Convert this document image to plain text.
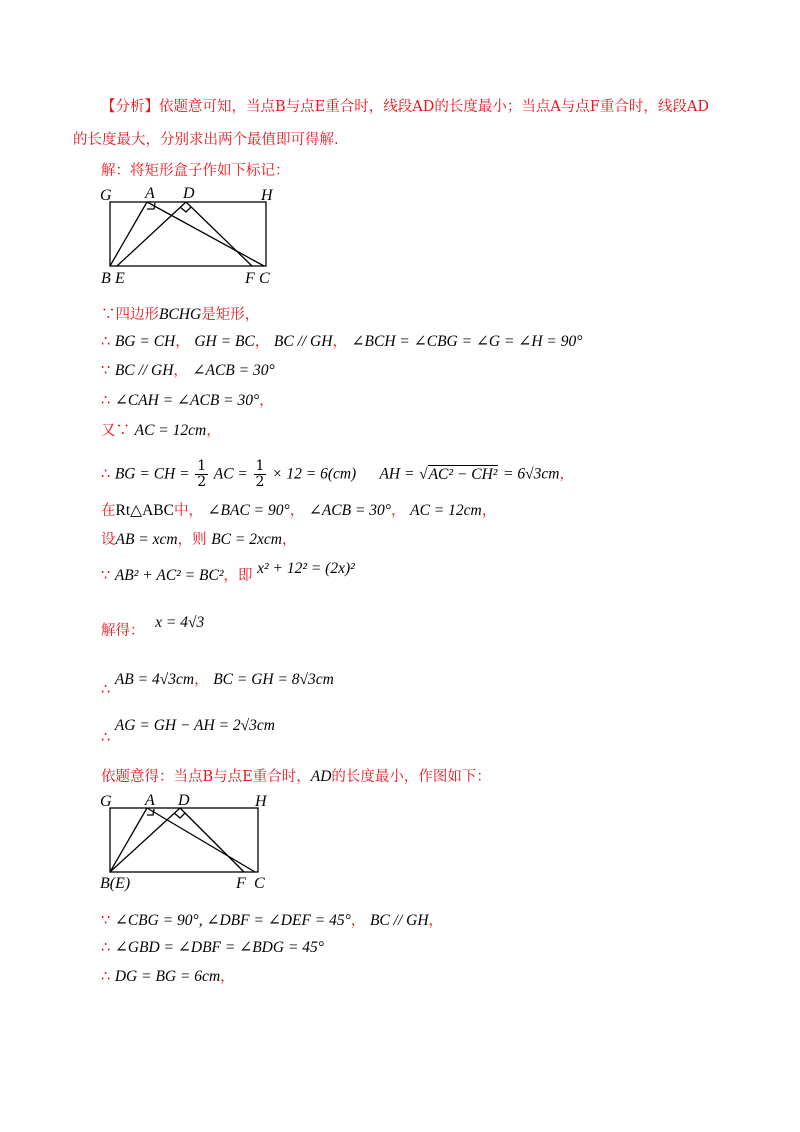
【分析】依题意可知，当点B与点E重合时，线段AD的长度最小；当点A与点F重合时，线段AD
的长度最大，分别求出两个最值即可得解.
解：将矩形盒子作如下标记：
G A D	H
B E	F C
∵四边形BCHG是矩形，
∴ BG = CH， GH = BC， BC // GH， ∠BCH = ∠CBG = ∠G = ∠H = 90°
∵ BC // GH， ∠ACB = 30°
∴ ∠CAH = ∠ACB = 30°，
又∵ AC = 12cm，
∴ BG = CH = $\frac{1}{2}$ AC = $\frac{1}{2} \times 12 = 6(cm)$ AH = √AC² − CH² = 6√3cm，
在Rt△ABC中， ∠BAC = 90°， ∠ACB = 30°， AC = 12cm，
设AB = xcm，则 BC = 2xcm，
∵ AB² + AC² = BC²，即 x² + 12² = (2x)²
解得： x = 4√3
∴ AB = 4√3cm， BC = GH = 8√3cm
∴ AG = GH − AH = 2√3cm
依题意得：当点B与点E重合时，AD的长度最小，作图如下：
G A D	H
B(E)	F C
∵ ∠CBG = 90°, ∠DBF = ∠DEF = 45°， BC // GH，
∴ ∠GBD = ∠DBF = ∠BDG = 45°
∴ DG = BG = 6cm，
